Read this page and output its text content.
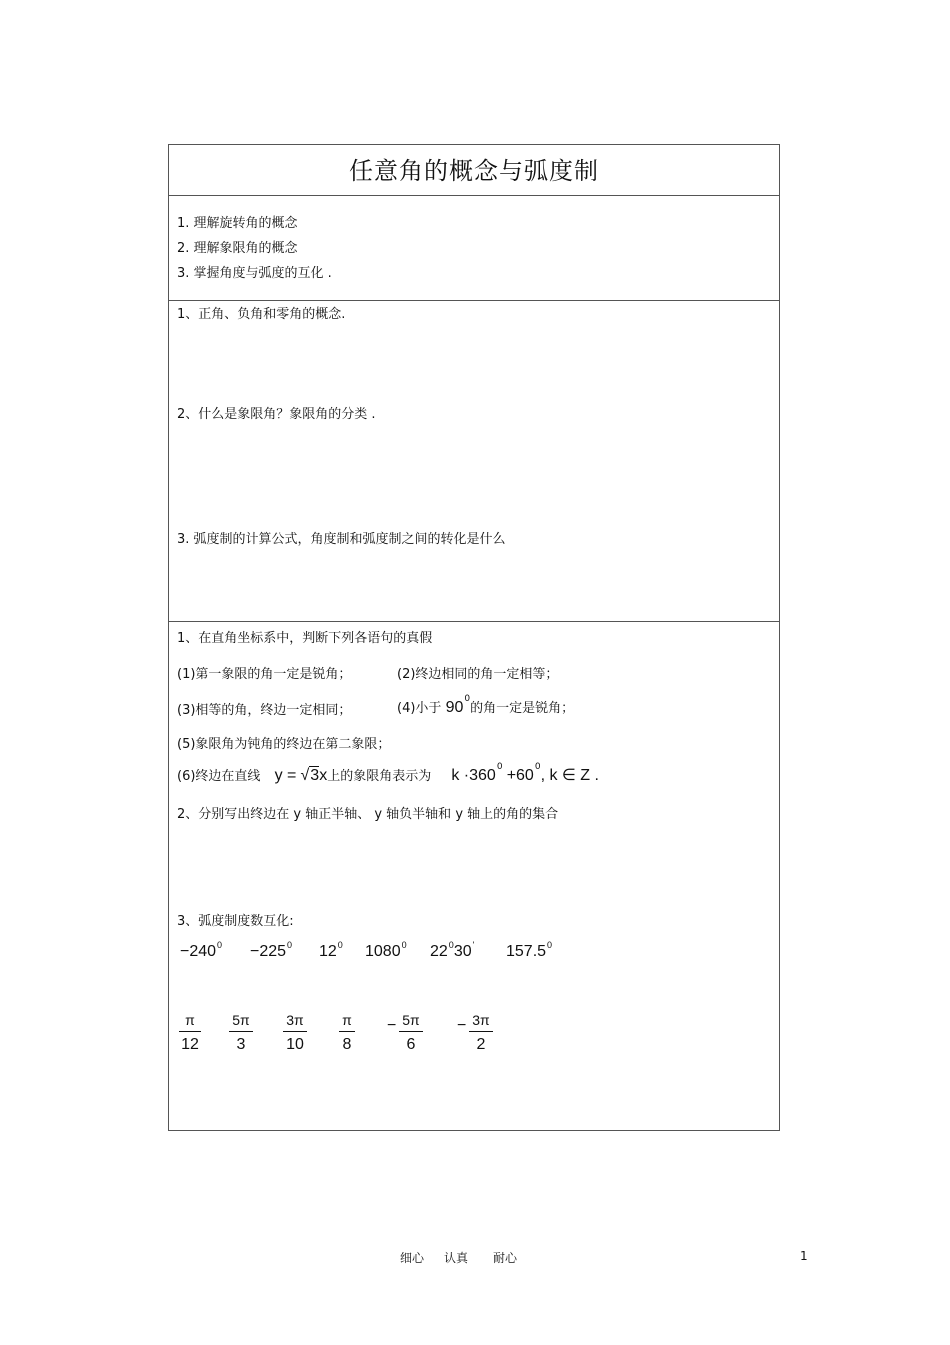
任意角的概念与弧度制
1. 理解旋转角的概念
2. 理解象限角的概念
3. 掌握角度与弧度的互化 .
1、正角、负角和零角的概念.
2、什么是象限角？象限角的分类 .
3. 弧度制的计算公式，角度制和弧度制之间的转化是什么
1、在直角坐标系中，判断下列各语句的真假
(1)第一象限的角一定是锐角；	(2)终边相同的角一定相等；
(3)相等的角，终边一定相同；	(4)小于 $90^0$的角一定是锐角；
(5)象限角为钝角的终边在第二象限；
(6)终边在直线 y = √3x上的象限角表示为 $k \cdot 360^0 +60^0$, k ∈ Z .
2、分别写出终边在 y 轴正半轴、 y 轴负半轴和 y 轴上的角的集合
3、弧度制度数互化:
$-240^0 -225^0$ $12^0$ 1080$^0$ $22^030'$ 157.5$^0$
π
12
5π
3
3π
10
π
8
− 5π
6
− 3π
2
细心 认真 耐心	1
